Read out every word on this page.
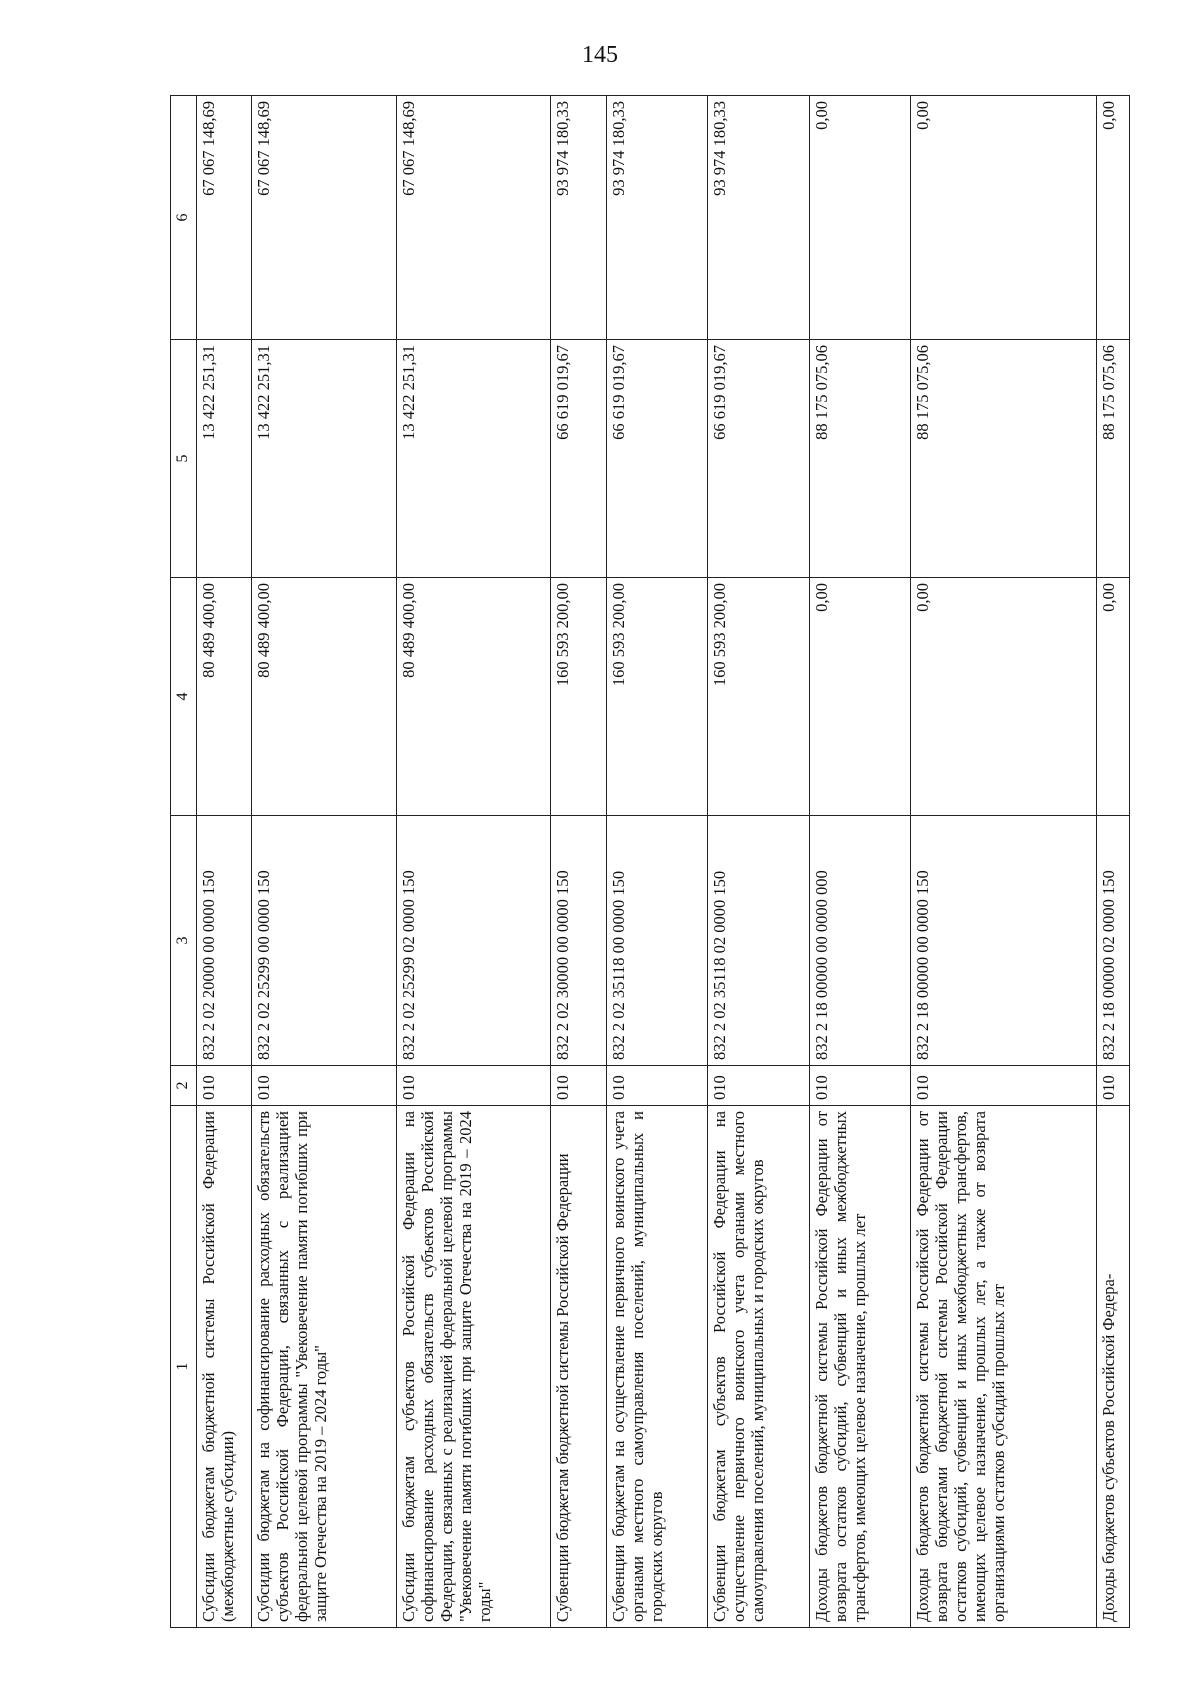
145
1	2	3	4	5	6
Субсидии бюджетам бюджетной системы Российской Федерации (межбюджетные субсидии)	010	832 2 02 20000 00 0000 150	80 489 400,00	13 422 251,31	67 067 148,69
Субсидии бюджетам на софинансирование расходных обязательств субъектов Российской Федерации, связанных с реализацией федеральной целевой программы "Увековечение памяти погибших при защите Отечества на 2019 – 2024 годы"	010	832 2 02 25299 00 0000 150	80 489 400,00	13 422 251,31	67 067 148,69
Субсидии бюджетам субъектов Российской Федерации на софинансирование расходных обязательств субъектов Российской Федерации, связанных с реализацией федеральной целевой программы "Увековечение памяти погибших при защите Отечества на 2019 – 2024 годы"	010	832 2 02 25299 02 0000 150	80 489 400,00	13 422 251,31	67 067 148,69
Субвенции бюджетам бюджетной системы Российской Федерации	010	832 2 02 30000 00 0000 150	160 593 200,00	66 619 019,67	93 974 180,33
Субвенции бюджетам на осуществление первичного воинского учета органами местного самоуправления поселений, муниципальных и городских округов	010	832 2 02 35118 00 0000 150	160 593 200,00	66 619 019,67	93 974 180,33
Субвенции бюджетам субъектов Российской Федерации на осуществление первичного воинского учета органами местного самоуправления поселений, муниципальных и городских округов	010	832 2 02 35118 02 0000 150	160 593 200,00	66 619 019,67	93 974 180,33
Доходы бюджетов бюджетной системы Российской Федерации от возврата остатков субсидий, субвенций и иных межбюджетных трансфертов, имеющих целевое назначение, прошлых лет	010	832 2 18 00000 00 0000 000	0,00	88 175 075,06	0,00
Доходы бюджетов бюджетной системы Российской Федерации от возврата бюджетами бюджетной системы Российской Федерации остатков субсидий, субвенций и иных межбюджетных трансфертов, имеющих целевое назначение, прошлых лет, а также от возврата организациями остатков субсидий прошлых лет	010	832 2 18 00000 00 0000 150	0,00	88 175 075,06	0,00
Доходы бюджетов субъектов Российской Федера-	010	832 2 18 00000 02 0000 150	0,00	88 175 075,06	0,00
